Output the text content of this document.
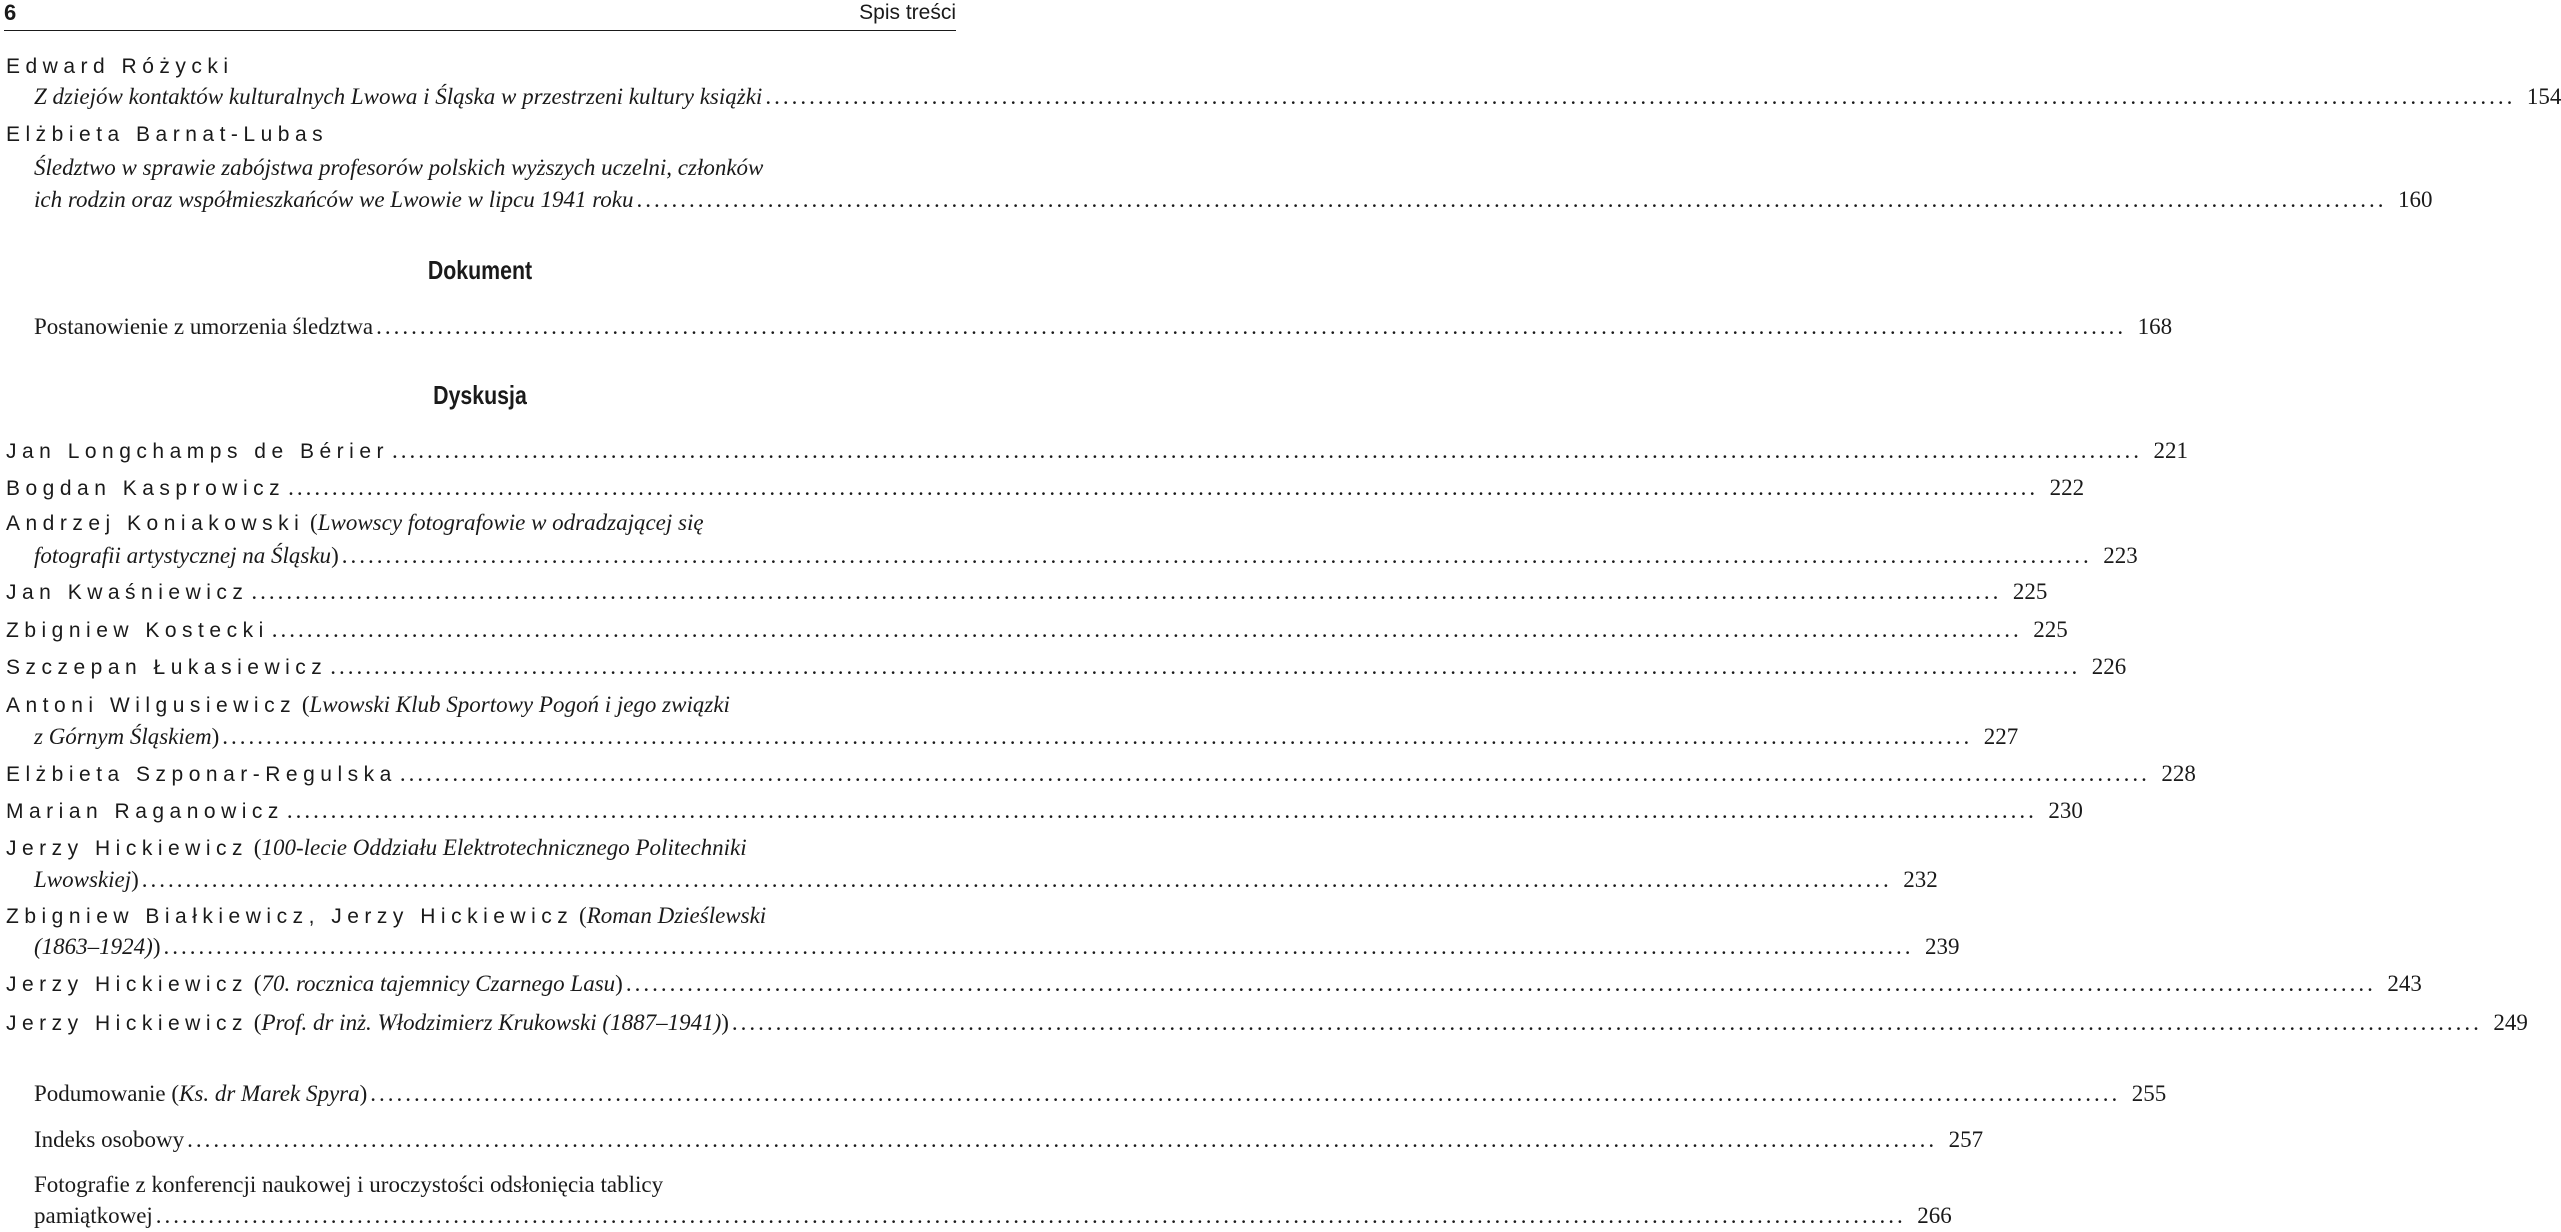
6	Spis treści
Edward Różycki
Z dziejów kontaktów kulturalnych Lwowa i Śląska w przestrzeni kultury książki ........................................................................................................................................................................................................ 154
Elżbieta Barnat-Lubas
Śledztwo w sprawie zabójstwa profesorów polskich wyższych uczelni, członków
ich rodzin oraz współmieszkańców we Lwowie w lipcu 1941 roku ........................................................................................................................................................................................................ 160
Dokument
Postanowienie z umorzenia śledztwa ........................................................................................................................................................................................................ 168
Dyskusja
Jan Longchamps de Bérier ........................................................................................................................................................................................................ 221
Bogdan Kasprowicz ........................................................................................................................................................................................................ 222
Andrzej Koniakowski (Lwowscy fotografowie w odradzającej się
fotografii artystycznej na Śląsku) ........................................................................................................................................................................................................ 223
Jan Kwaśniewicz ........................................................................................................................................................................................................ 225
Zbigniew Kostecki ........................................................................................................................................................................................................ 225
Szczepan Łukasiewicz ........................................................................................................................................................................................................ 226
Antoni Wilgusiewicz (Lwowski Klub Sportowy Pogoń i jego związki
z Górnym Śląskiem) ........................................................................................................................................................................................................ 227
Elżbieta Szponar-Regulska ........................................................................................................................................................................................................ 228
Marian Raganowicz ........................................................................................................................................................................................................ 230
Jerzy Hickiewicz (100-lecie Oddziału Elektrotechnicznego Politechniki
Lwowskiej) ........................................................................................................................................................................................................ 232
Zbigniew Białkiewicz, Jerzy Hickiewicz (Roman Dzieślewski
(1863–1924)) ........................................................................................................................................................................................................ 239
Jerzy Hickiewicz (70. rocznica tajemnicy Czarnego Lasu) ........................................................................................................................................................................................................ 243
Jerzy Hickiewicz (Prof. dr inż. Włodzimierz Krukowski (1887–1941)) ........................................................................................................................................................................................................ 249
Podumowanie (Ks. dr Marek Spyra) ........................................................................................................................................................................................................ 255
Indeks osobowy ........................................................................................................................................................................................................ 257
Fotografie z konferencji naukowej i uroczystości odsłonięcia tablicy
pamiątkowej ........................................................................................................................................................................................................ 266
